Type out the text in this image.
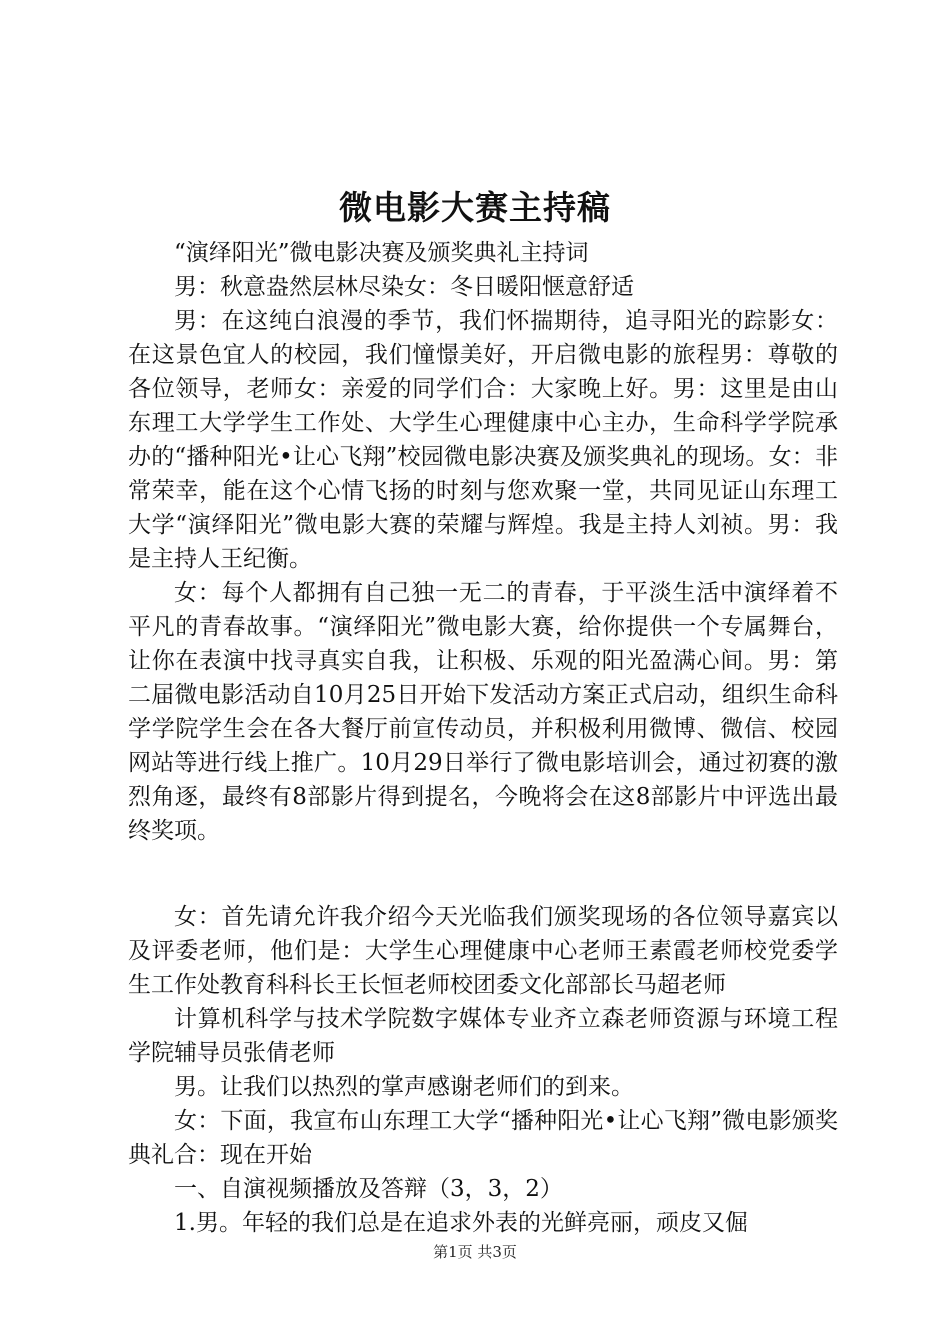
微电影大赛主持稿

“演绎阳光”微电影决赛及颁奖典礼主持词

男：秋意盎然层林尽染女：冬日暖阳惬意舒适

男：在这纯白浪漫的季节，我们怀揣期待，追寻阳光的踪影女：在这景色宜人的校园，我们憧憬美好，开启微电影的旅程男：尊敬的各位领导，老师女：亲爱的同学们合：大家晚上好。男：这里是由山东理工大学学生工作处、大学生心理健康中心主办，生命科学学院承办的“播种阳光•让心飞翔”校园微电影决赛及颁奖典礼的现场。女：非常荣幸，能在这个心情飞扬的时刻与您欢聚一堂，共同见证山东理工大学“演绎阳光”微电影大赛的荣耀与辉煌。我是主持人刘祯。男：我是主持人王纪衡。

女：每个人都拥有自己独一无二的青春，于平淡生活中演绎着不平凡的青春故事。“演绎阳光”微电影大赛，给你提供一个专属舞台，让你在表演中找寻真实自我，让积极、乐观的阳光盈满心间。男：第二届微电影活动自10月25日开始下发活动方案正式启动，组织生命科学学院学生会在各大餐厅前宣传动员，并积极利用微博、微信、校园网站等进行线上推广。10月29日举行了微电影培训会，通过初赛的激烈角逐，最终有8部影片得到提名，今晚将会在这8部影片中评选出最终奖项。

女：首先请允许我介绍今天光临我们颁奖现场的各位领导嘉宾以及评委老师，他们是：大学生心理健康中心老师王素霞老师校党委学生工作处教育科科长王长恒老师校团委文化部部长马超老师

计算机科学与技术学院数字媒体专业齐立森老师资源与环境工程学院辅导员张倩老师

男。让我们以热烈的掌声感谢老师们的到来。

女：下面，我宣布山东理工大学“播种阳光•让心飞翔”微电影颁奖典礼合：现在开始

一、自演视频播放及答辩（3，3，2）

1.男。年轻的我们总是在追求外表的光鲜亮丽，顽皮又倔

第1页 共3页
